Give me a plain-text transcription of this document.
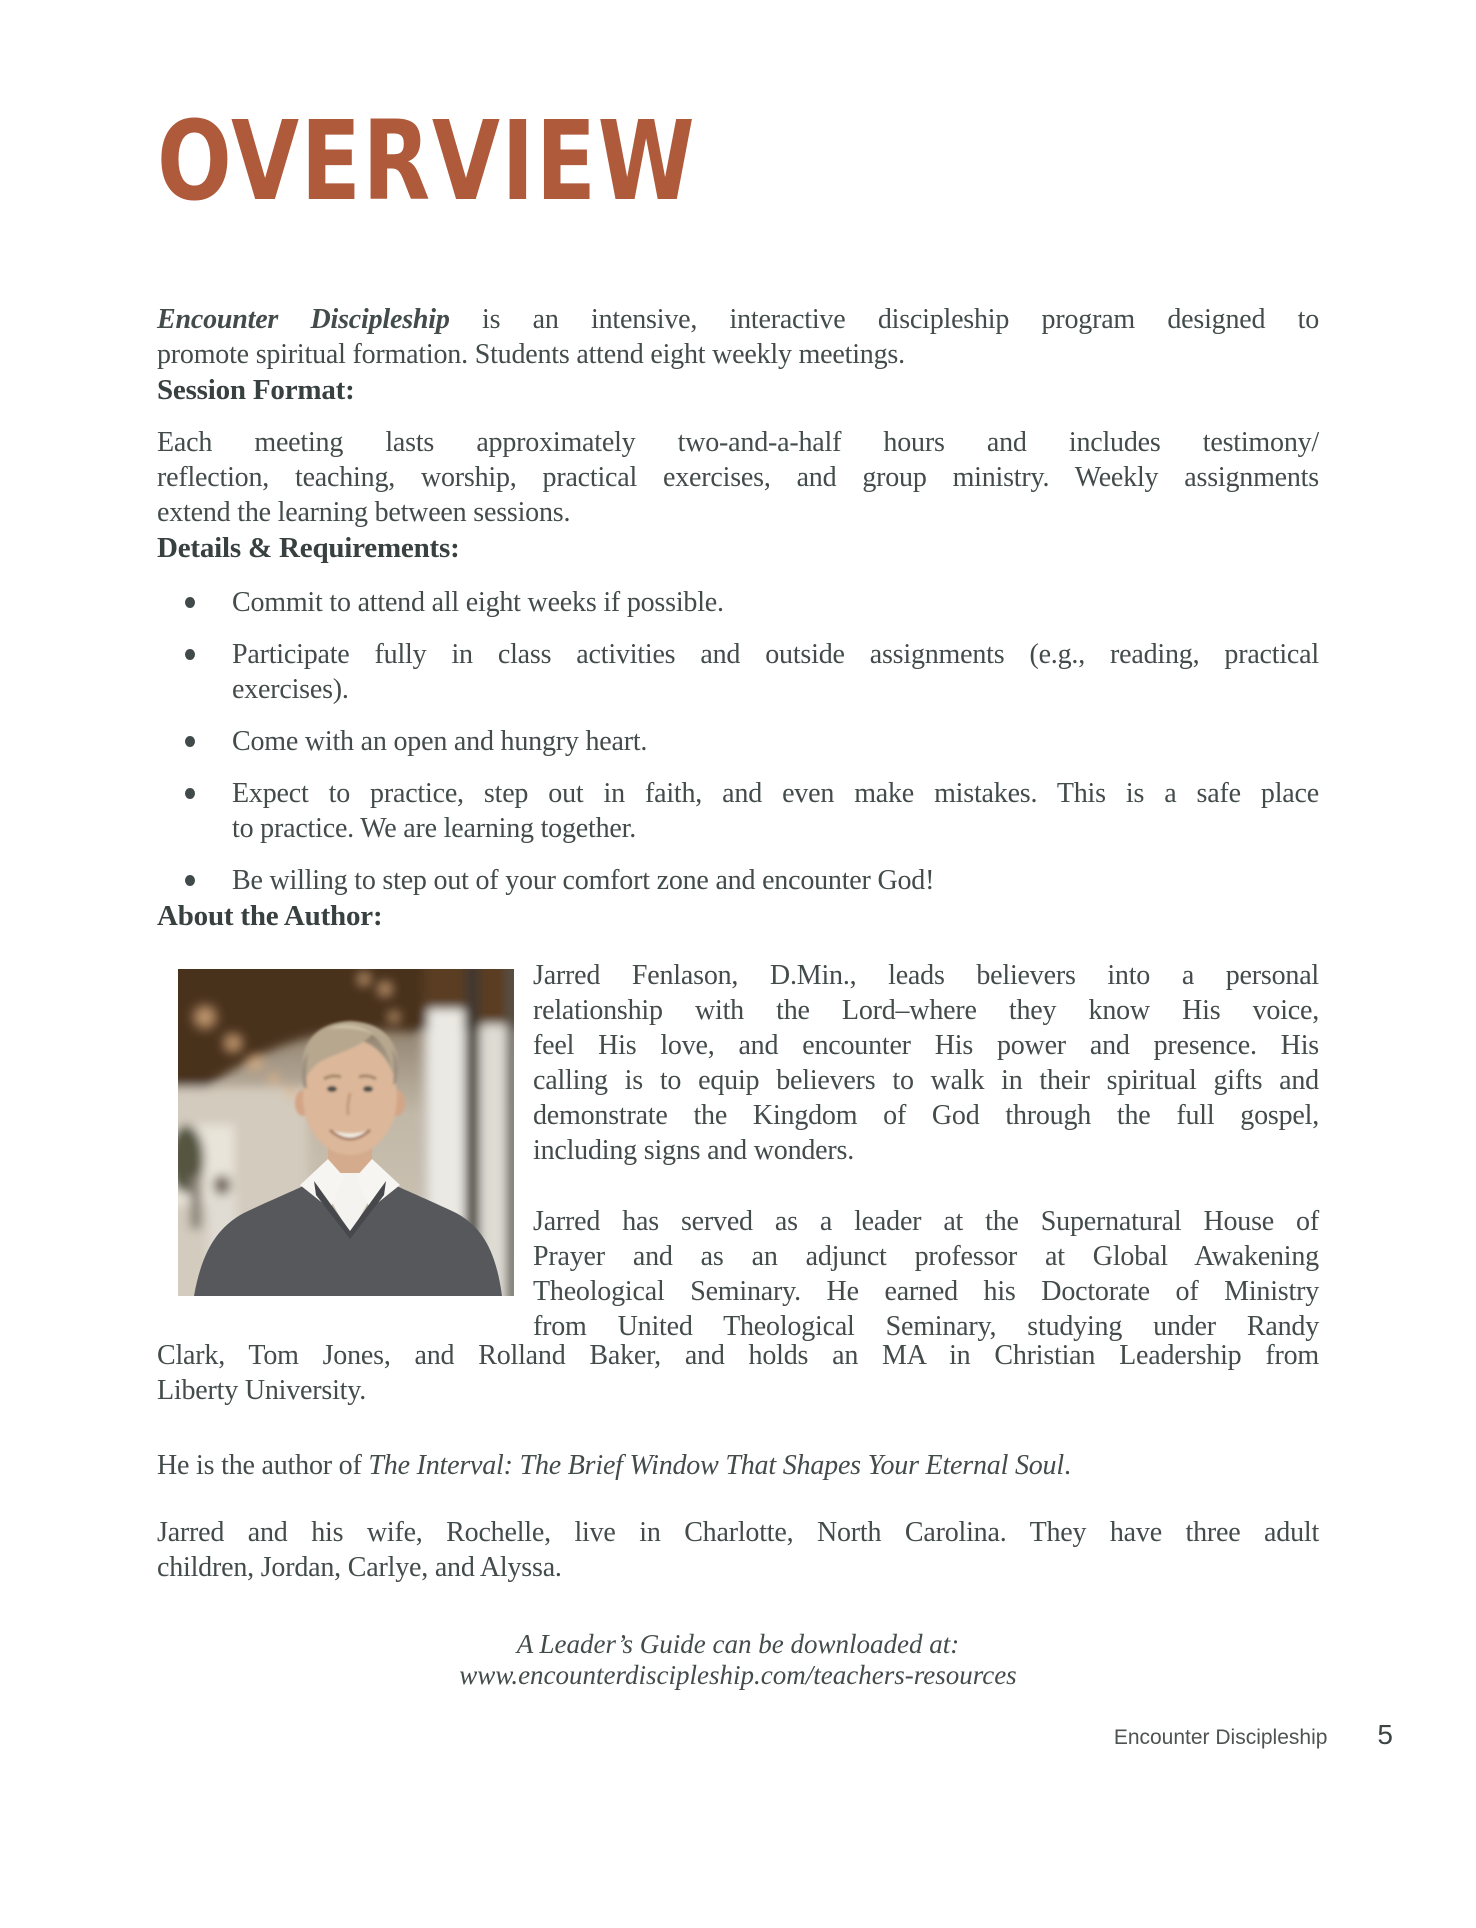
OVERVIEW
Encounter Discipleship is an intensive, interactive discipleship program designed to
promote spiritual formation. Students attend eight weekly meetings.
Session Format:
Each meeting lasts approximately two-and-a-half hours and includes testimony/
reflection, teaching, worship, practical exercises, and group ministry. Weekly assignments
extend the learning between sessions.
Details & Requirements:
Commit to attend all eight weeks if possible.
Participate fully in class activities and outside assignments (e.g., reading, practical
exercises).
Come with an open and hungry heart.
Expect to practice, step out in faith, and even make mistakes. This is a safe place
to practice. We are learning together.
Be willing to step out of your comfort zone and encounter God!
About the Author:
Jarred Fenlason, D.Min., leads believers into a personal
relationship with the Lord–where they know His voice,
feel His love, and encounter His power and presence. His
calling is to equip believers to walk in their spiritual gifts and
demonstrate the Kingdom of God through the full gospel,
including signs and wonders.
Jarred has served as a leader at the Supernatural House of
Prayer and as an adjunct professor at Global Awakening
Theological Seminary. He earned his Doctorate of Ministry
from United Theological Seminary, studying under Randy
Clark, Tom Jones, and Rolland Baker, and holds an MA in Christian Leadership from
Liberty University.
He is the author of The Interval: The Brief Window That Shapes Your Eternal Soul.
Jarred and his wife, Rochelle, live in Charlotte, North Carolina. They have three adult
children, Jordan, Carlye, and Alyssa.
A Leader’s Guide can be downloaded at:
www.encounterdiscipleship.com/teachers-resources
Encounter Discipleship 5
